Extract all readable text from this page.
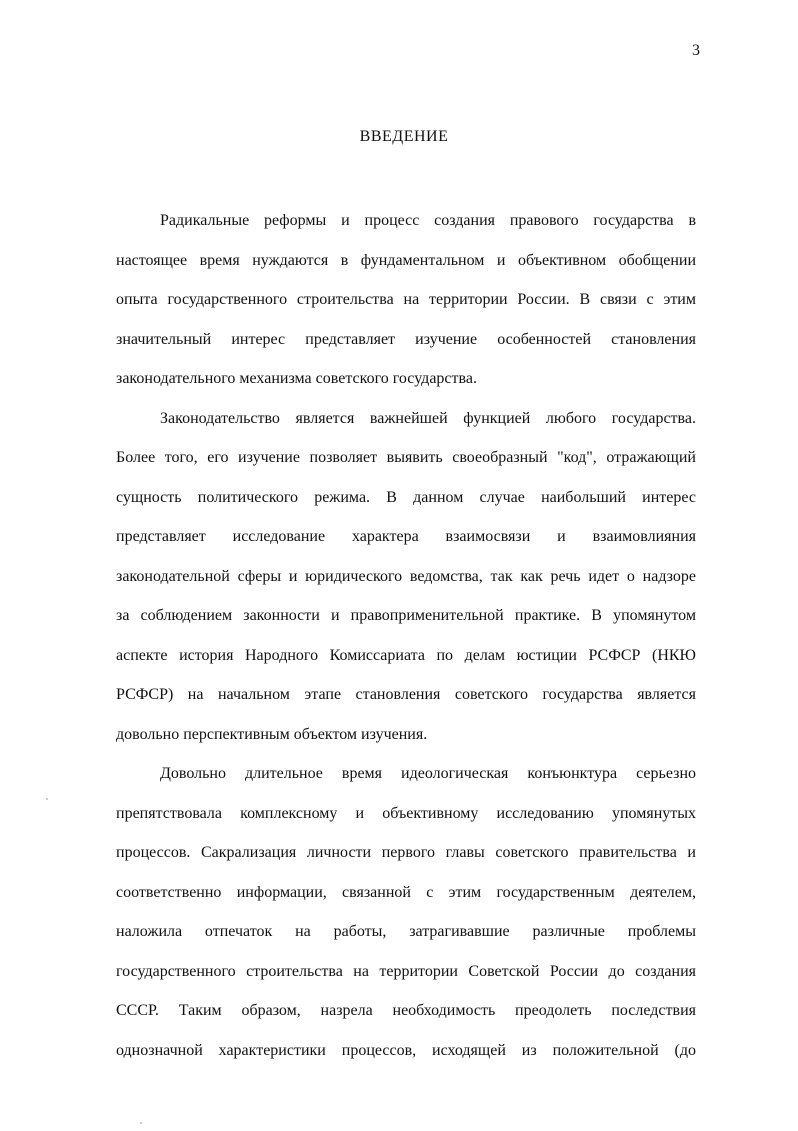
3
ВВЕДЕНИЕ
Радикальные реформы и процесс создания правового государства в
настоящее время нуждаются в фундаментальном и объективном обобщении
опыта государственного строительства на территории России. В связи с этим
значительный интерес представляет изучение особенностей становления
законодательного механизма советского государства.
Законодательство является важнейшей функцией любого государства.
Более того, его изучение позволяет выявить своеобразный "код", отражающий
сущность политического режима. В данном случае наибольший интерес
представляет исследование характера взаимосвязи и взаимовлияния
законодательной сферы и юридического ведомства, так как речь идет о надзоре
за соблюдением законности и правоприменительной практике. В упомянутом
аспекте история Народного Комиссариата по делам юстиции РСФСР (НКЮ
РСФСР) на начальном этапе становления советского государства является
довольно перспективным объектом изучения.
Довольно длительное время идеологическая конъюнктура серьезно
препятствовала комплексному и объективному исследованию упомянутых
процессов. Сакрализация личности первого главы советского правительства и
соответственно информации, связанной с этим государственным деятелем,
наложила отпечаток на работы, затрагивавшие различные проблемы
государственного строительства на территории Советской России до создания
СССР. Таким образом, назрела необходимость преодолеть последствия
однозначной характеристики процессов, исходящей из положительной (до
